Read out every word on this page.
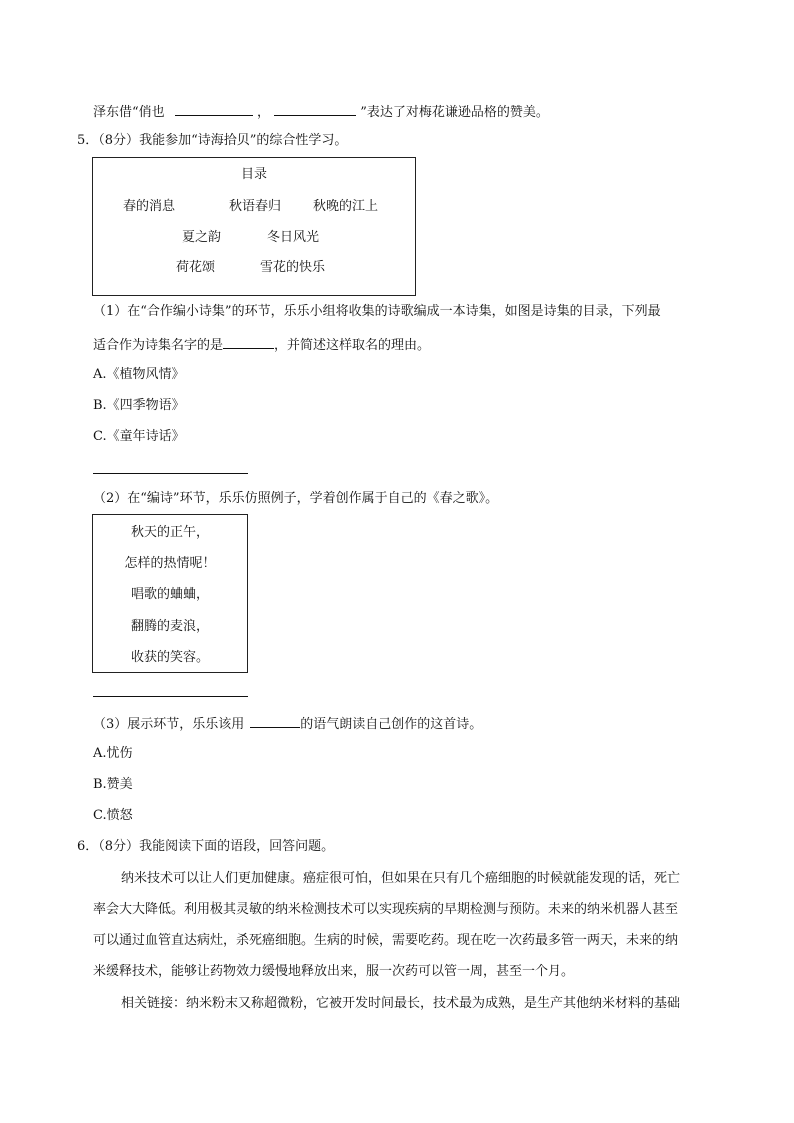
泽东借“俏也	，	”表达了对梅花谦逊品格的赞美。
5．（8分）我能参加“诗海拾贝”的综合性学习。
目录
春的消息	秋语春归 秋晚的江上
夏之韵	冬日风光
荷花颂	雪花的快乐
（1）在“合作编小诗集”的环节，乐乐小组将收集的诗歌编成一本诗集，如图是诗集的目录，下列最
适合作为诗集名字的是	，并简述这样取名的理由。
A.《植物风情》
B.《四季物语》
C.《童年诗话》
（2）在“编诗”环节，乐乐仿照例子，学着创作属于自己的《春之歌》。
秋天的正午，
怎样的热情呢！
唱歌的蛐蛐，
翻腾的麦浪，
收获的笑容。
（3）展示环节，乐乐该用	的语气朗读自己创作的这首诗。
A.忧伤
B.赞美
C.愤怒
6．（8分）我能阅读下面的语段，回答问题。
纳米技术可以让人们更加健康。癌症很可怕，但如果在只有几个癌细胞的时候就能发现的话，死亡
率会大大降低。利用极其灵敏的纳米检测技术可以实现疾病的早期检测与预防。未来的纳米机器人甚至
可以通过血管直达病灶，杀死癌细胞。生病的时候，需要吃药。现在吃一次药最多管一两天，未来的纳
米缓释技术，能够让药物效力缓慢地释放出来，服一次药可以管一周，甚至一个月。
相关链接：纳米粉末又称超微粉，它被开发时间最长，技术最为成熟，是生产其他纳米材料的基础
